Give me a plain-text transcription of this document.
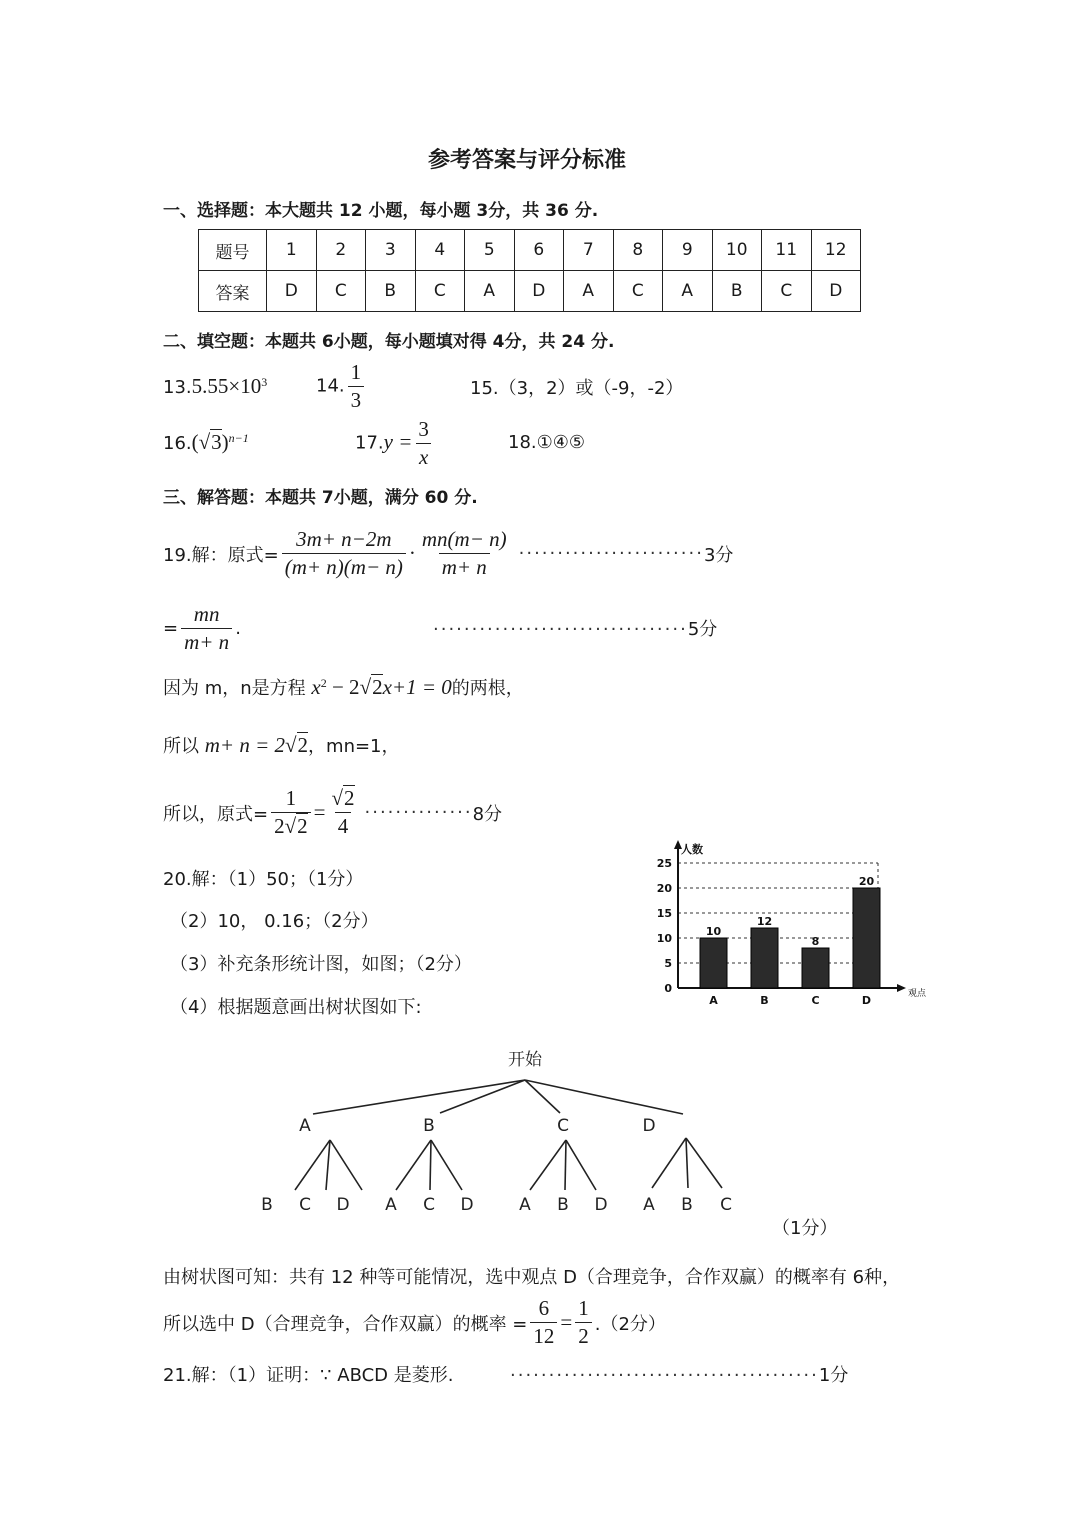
参考答案与评分标准
一、选择题：本大题共 12 小题，每小题 3分，共 36 分.
题号	1	2	3	4	5	6	7	8	9	10	11	12
答案	D	C	B	C	A	D	A	C	A	B	C	D
二、填空题：本题共 6小题，每小题填对得 4分，共 24 分.
$13.5.55\times 10^3$	14. $\frac{1}{3}$	15.（3，2）或（-9，-2）
$16.(√3)^{n-1}$	$17.y = \frac{3}{x}$	18.①④⑤
三、解答题：本题共 7小题，满分 60 分.
19.解：原式= $\frac{3m+ n-2m}{(m+ n)(m- n)} \cdot \frac{mn(m- n)}{m+ n}$ ························ 3分
= $\frac{mn}{m+ n}$ .	·································5分
因为 m，n是方程 $x^2 - 2√2x+1 = 0$的两根，
所以 m+ n = 2√2，mn=1，
所以，原式= $\frac{1}{2√2} = \frac{√2}{4}$ ·············· 8分
20.解：（1）50；（1分）
（2）10， 0.16；（2分）
（3）补充条形统计图，如图；（2分）
（4）根据题意画出树状图如下:
0
5
10
15
20
25
人数
观点
10
A
12
B
8
C
20
D
开始
A	B	C	D
B C D A C D	A B D A B C
（1分）
由树状图可知：共有 12 种等可能情况，选中观点 D（合理竞争，合作双赢）的概率有 6种，
所以选中 D（合理竞争，合作双赢）的概率 = $\frac{6}{12} = \frac{1}{2} .(2$分）
21.解：（1）证明：∵ ABCD 是菱形.	········································1分
